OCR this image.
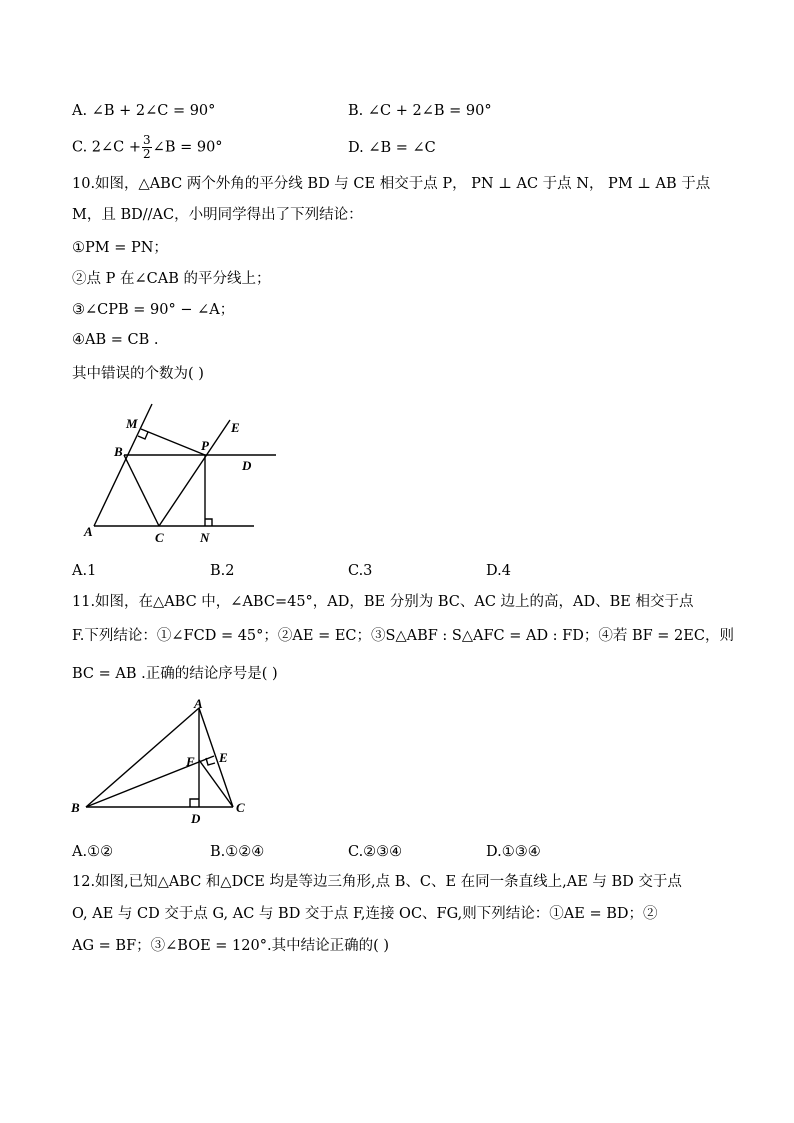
A. ∠B + 2∠C = 90°	B. ∠C + 2∠B = 90°
C. 2∠C + $\frac{3}{2}$ ∠B = 90°	D. ∠B = ∠C
10.如图，△ABC 两个外角的平分线 BD 与 CE 相交于点 P， PN ⊥ AC 于点 N， PM ⊥ AB 于点
M，且 BD//AC，小明同学得出了下列结论：
①PM = PN；
②点 P 在∠CAB 的平分线上；
③∠CPB = 90° − ∠A；
④AB = CB .
其中错误的个数为( )
M
B	P
E
D
A	C	N
A.1	B.2	C.3	D.4
11.如图，在△ABC 中，∠ABC=45°，AD，BE 分别为 BC、AC 边上的高，AD、BE 相交于点
F.下列结论：①∠FCD = 45°；②AE = EC；③S△ABF : S△AFC = AD : FD；④若 BF = 2EC，则
BC = AB .正确的结论序号是( )
A
F E
B
D
C
A.①②	B.①②④	C.②③④	D.①③④
12.如图,已知△ABC 和△DCE 均是等边三角形,点 B、C、E 在同一条直线上,AE 与 BD 交于点
O, AE 与 CD 交于点 G, AC 与 BD 交于点 F,连接 OC、FG,则下列结论：①AE = BD；②
AG = BF；③∠BOE = 120°.其中结论正确的( )
